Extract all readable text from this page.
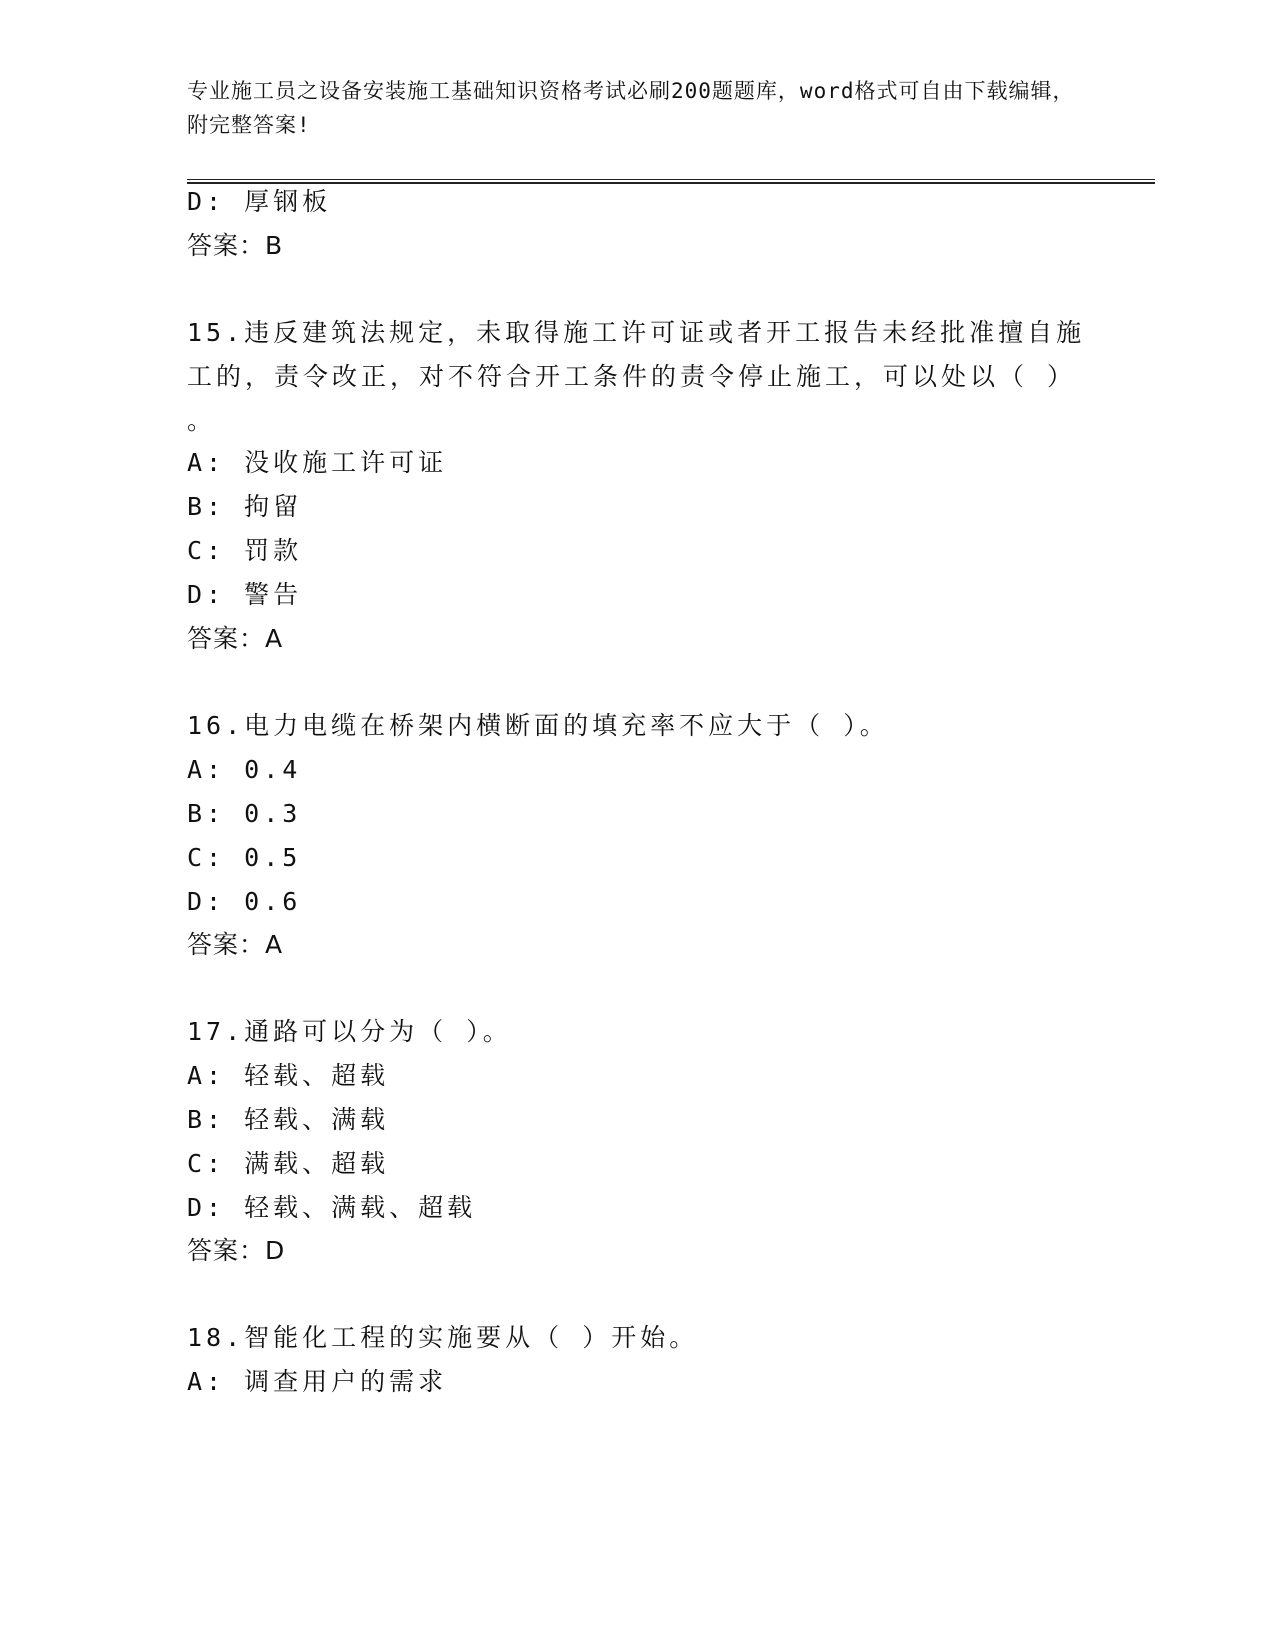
专业施工员之设备安装施工基础知识资格考试必刷200题题库，word格式可自由下载编辑，附完整答案!
D: 厚钢板
答案：B
15.违反建筑法规定，未取得施工许可证或者开工报告未经批准擅自施
工的，责令改正，对不符合开工条件的责令停止施工，可以处以（ ）
。
A: 没收施工许可证
B: 拘留
C: 罚款
D: 警告
答案：A
16.电力电缆在桥架内横断面的填充率不应大于（ ）。
A: 0.4
B: 0.3
C: 0.5
D: 0.6
答案：A
17.通路可以分为（ ）。
A: 轻载、超载
B: 轻载、满载
C: 满载、超载
D: 轻载、满载、超载
答案：D
18.智能化工程的实施要从（ ）开始。
A: 调查用户的需求
